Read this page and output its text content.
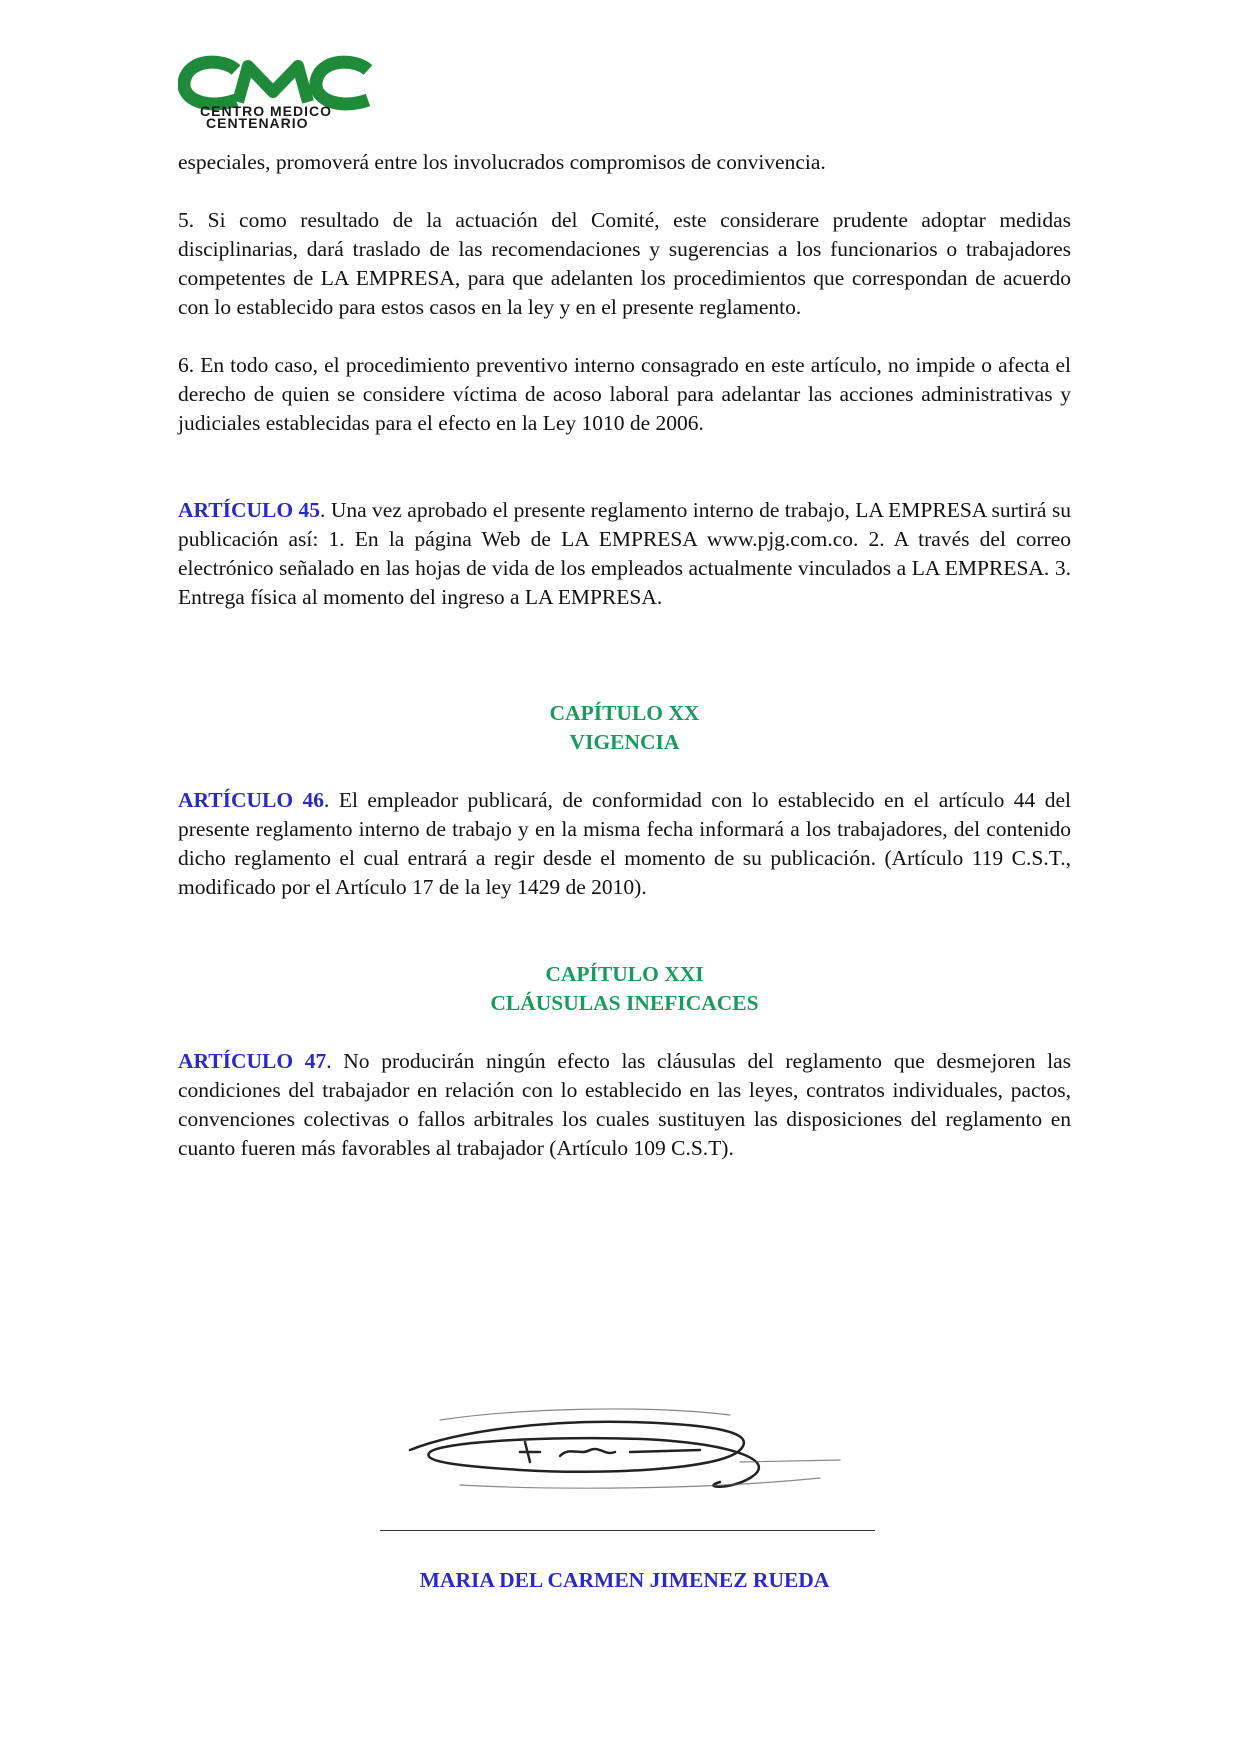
CENTRO MEDICO
CENTENARIO

especiales, promoverá entre los involucrados compromisos de convivencia.

5. Si como resultado de la actuación del Comité, este considerare prudente adoptar medidas disciplinarias, dará traslado de las recomendaciones y sugerencias a los funcionarios o trabajadores competentes de LA EMPRESA, para que adelanten los procedimientos que correspondan de acuerdo con lo establecido para estos casos en la ley y en el presente reglamento.

6. En todo caso, el procedimiento preventivo interno consagrado en este artículo, no impide o afecta el derecho de quien se considere víctima de acoso laboral para adelantar las acciones administrativas y judiciales establecidas para el efecto en la Ley 1010 de 2006.

ARTÍCULO 45. Una vez aprobado el presente reglamento interno de trabajo, LA EMPRESA surtirá su publicación así: 1. En la página Web de LA EMPRESA www.pjg.com.co. 2. A través del correo electrónico señalado en las hojas de vida de los empleados actualmente vinculados a LA EMPRESA. 3. Entrega física al momento del ingreso a LA EMPRESA.

CAPÍTULO XX
VIGENCIA

ARTÍCULO 46. El empleador publicará, de conformidad con lo establecido en el artículo 44 del presente reglamento interno de trabajo y en la misma fecha informará a los trabajadores, del contenido dicho reglamento el cual entrará a regir desde el momento de su publicación. (Artículo 119 C.S.T., modificado por el Artículo 17 de la ley 1429 de 2010).

CAPÍTULO XXI
CLÁUSULAS INEFICACES

ARTÍCULO 47. No producirán ningún efecto las cláusulas del reglamento que desmejoren las condiciones del trabajador en relación con lo establecido en las leyes, contratos individuales, pactos, convenciones colectivas o fallos arbitrales los cuales sustituyen las disposiciones del reglamento en cuanto fueren más favorables al trabajador (Artículo 109 C.S.T).

MARIA DEL CARMEN JIMENEZ RUEDA
